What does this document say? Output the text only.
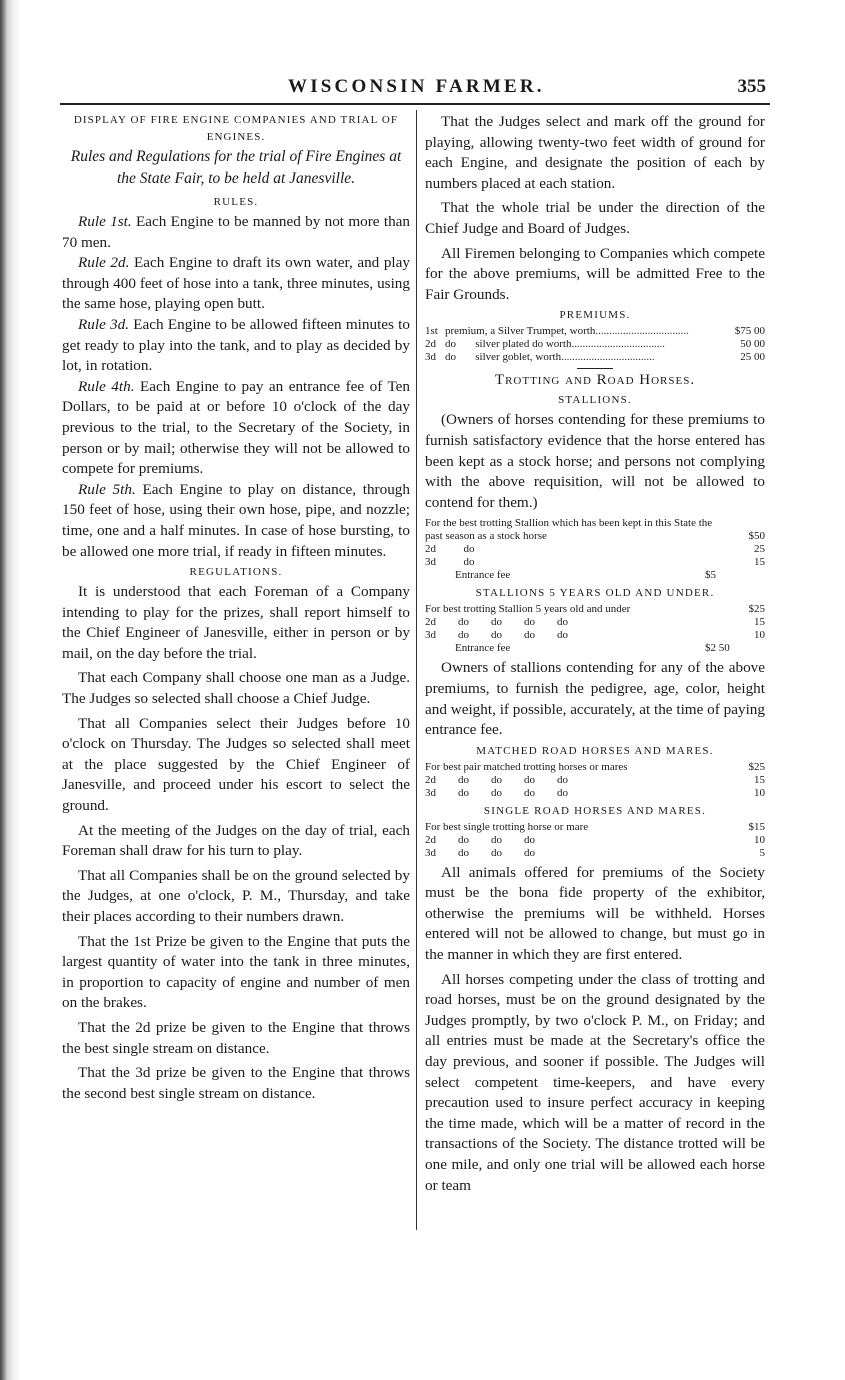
WISCONSIN FARMER.	355

DISPLAY OF FIRE ENGINE COMPANIES AND TRIAL OF ENGINES.

Rules and Regulations for the trial of Fire Engines at the State Fair, to be held at Janesville.

RULES.

Rule 1st. Each Engine to be manned by not more than 70 men.

Rule 2d. Each Engine to draft its own water, and play through 400 feet of hose into a tank, three minutes, using the same hose, playing open butt.

Rule 3d. Each Engine to be allowed fifteen minutes to get ready to play into the tank, and to play as decided by lot, in rotation.

Rule 4th. Each Engine to pay an entrance fee of Ten Dollars, to be paid at or before 10 o'clock of the day previous to the trial, to the Secretary of the Society, in person or by mail; otherwise they will not be allowed to compete for premiums.

Rule 5th. Each Engine to play on distance, through 150 feet of hose, using their own hose, pipe, and nozzle; time, one and a half minutes. In case of hose bursting, to be allowed one more trial, if ready in fifteen minutes.

REGULATIONS.

It is understood that each Foreman of a Company intending to play for the prizes, shall report himself to the Chief Engineer of Janesville, either in person or by mail, on the day before the trial.

That each Company shall choose one man as a Judge. The Judges so selected shall choose a Chief Judge.

That all Companies select their Judges before 10 o'clock on Thursday. The Judges so selected shall meet at the place suggested by the Chief Engineer of Janesville, and proceed under his escort to select the ground.

At the meeting of the Judges on the day of trial, each Foreman shall draw for his turn to play.

That all Companies shall be on the ground selected by the Judges, at one o'clock, P. M., Thursday, and take their places according to their numbers drawn.

That the 1st Prize be given to the Engine that puts the largest quantity of water into the tank in three minutes, in proportion to capacity of engine and number of men on the brakes.

That the 2d prize be given to the Engine that throws the best single stream on distance.

That the 3d prize be given to the Engine that throws the second best single stream on distance.

That the Judges select and mark off the ground for playing, allowing twenty-two feet width of ground for each Engine, and designate the position of each by numbers placed at each station.

That the whole trial be under the direction of the Chief Judge and Board of Judges.

All Firemen belonging to Companies which compete for the above premiums, will be admitted Free to the Fair Grounds.

PREMIUMS.

1st premium, a Silver Trumpet, worth..................................	$75 00
2d do       silver plated do worth..................................	50 00
3d do       silver goblet, worth..................................	25 00

Trotting and Road Horses.

STALLIONS.

(Owners of horses contending for these premiums to furnish satisfactory evidence that the horse entered has been kept as a stock horse; and persons not complying with the above requisition, will not be allowed to contend for them.)

For the best trotting Stallion which has been kept in this State the past season as a stock horse	$50
2d          do	25
3d          do	15
Entrance fee	$5

STALLIONS 5 YEARS OLD AND UNDER.

For best trotting Stallion 5 years old and under	$25
2d        do        do        do        do	15
3d        do        do        do        do	10
Entrance fee	$2 50

Owners of stallions contending for any of the above premiums, to furnish the pedigree, age, color, height and weight, if possible, accurately, at the time of paying entrance fee.

MATCHED ROAD HORSES AND MARES.

For best pair matched trotting horses or mares	$25
2d        do        do        do        do	15
3d        do        do        do        do	10

SINGLE ROAD HORSES AND MARES.

For best single trotting horse or mare	$15
2d        do        do        do	10
3d        do        do        do	5

All animals offered for premiums of the Society must be the bona fide property of the exhibitor, otherwise the premiums will be withheld. Horses entered will not be allowed to change, but must go in the manner in which they are first entered.

All horses competing under the class of trotting and road horses, must be on the ground designated by the Judges promptly, by two o'clock P. M., on Friday; and all entries must be made at the Secretary's office the day previous, and sooner if possible. The Judges will select competent time-keepers, and have every precaution used to insure perfect accuracy in keeping the time made, which will be a matter of record in the transactions of the Society. The distance trotted will be one mile, and only one trial will be allowed each horse or team
